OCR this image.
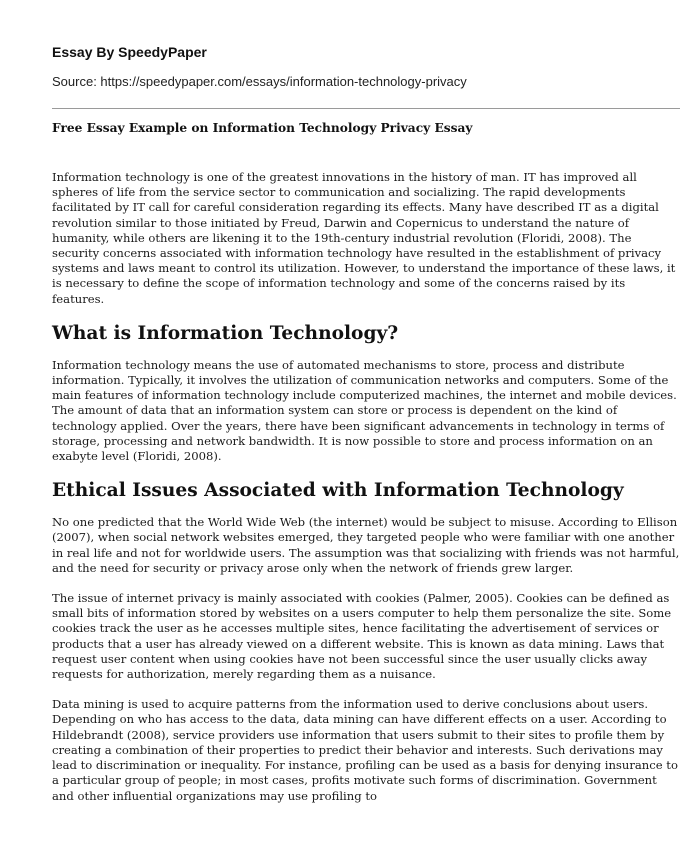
Essay By SpeedyPaper
Source: https://speedypaper.com/essays/information-technology-privacy
Free Essay Example on Information Technology Privacy Essay

Information technology is one of the greatest innovations in the history of man. IT has improved all spheres of life from the service sector to communication and socializing. The rapid developments facilitated by IT call for careful consideration regarding its effects. Many have described IT as a digital revolution similar to those initiated by Freud, Darwin and Copernicus to understand the nature of humanity, while others are likening it to the 19th-century industrial revolution (Floridi, 2008). The security concerns associated with information technology have resulted in the establishment of privacy systems and laws meant to control its utilization. However, to understand the importance of these laws, it is necessary to define the scope of information technology and some of the concerns raised by its features.

What is Information Technology?

Information technology means the use of automated mechanisms to store, process and distribute information. Typically, it involves the utilization of communication networks and computers. Some of the main features of information technology include computerized machines, the internet and mobile devices. The amount of data that an information system can store or process is dependent on the kind of technology applied. Over the years, there have been significant advancements in technology in terms of storage, processing and network bandwidth. It is now possible to store and process information on an exabyte level (Floridi, 2008).

Ethical Issues Associated with Information Technology

No one predicted that the World Wide Web (the internet) would be subject to misuse. According to Ellison (2007), when social network websites emerged, they targeted people who were familiar with one another in real life and not for worldwide users. The assumption was that socializing with friends was not harmful, and the need for security or privacy arose only when the network of friends grew larger.

The issue of internet privacy is mainly associated with cookies (Palmer, 2005). Cookies can be defined as small bits of information stored by websites on a users computer to help them personalize the site. Some cookies track the user as he accesses multiple sites, hence facilitating the advertisement of services or products that a user has already viewed on a different website. This is known as data mining. Laws that request user content when using cookies have not been successful since the user usually clicks away requests for authorization, merely regarding them as a nuisance.

Data mining is used to acquire patterns from the information used to derive conclusions about users. Depending on who has access to the data, data mining can have different effects on a user. According to Hildebrandt (2008), service providers use information that users submit to their sites to profile them by creating a combination of their properties to predict their behavior and interests. Such derivations may lead to discrimination or inequality. For instance, profiling can be used as a basis for denying insurance to a particular group of people; in most cases, profits motivate such forms of discrimination. Government and other influential organizations may use profiling to
